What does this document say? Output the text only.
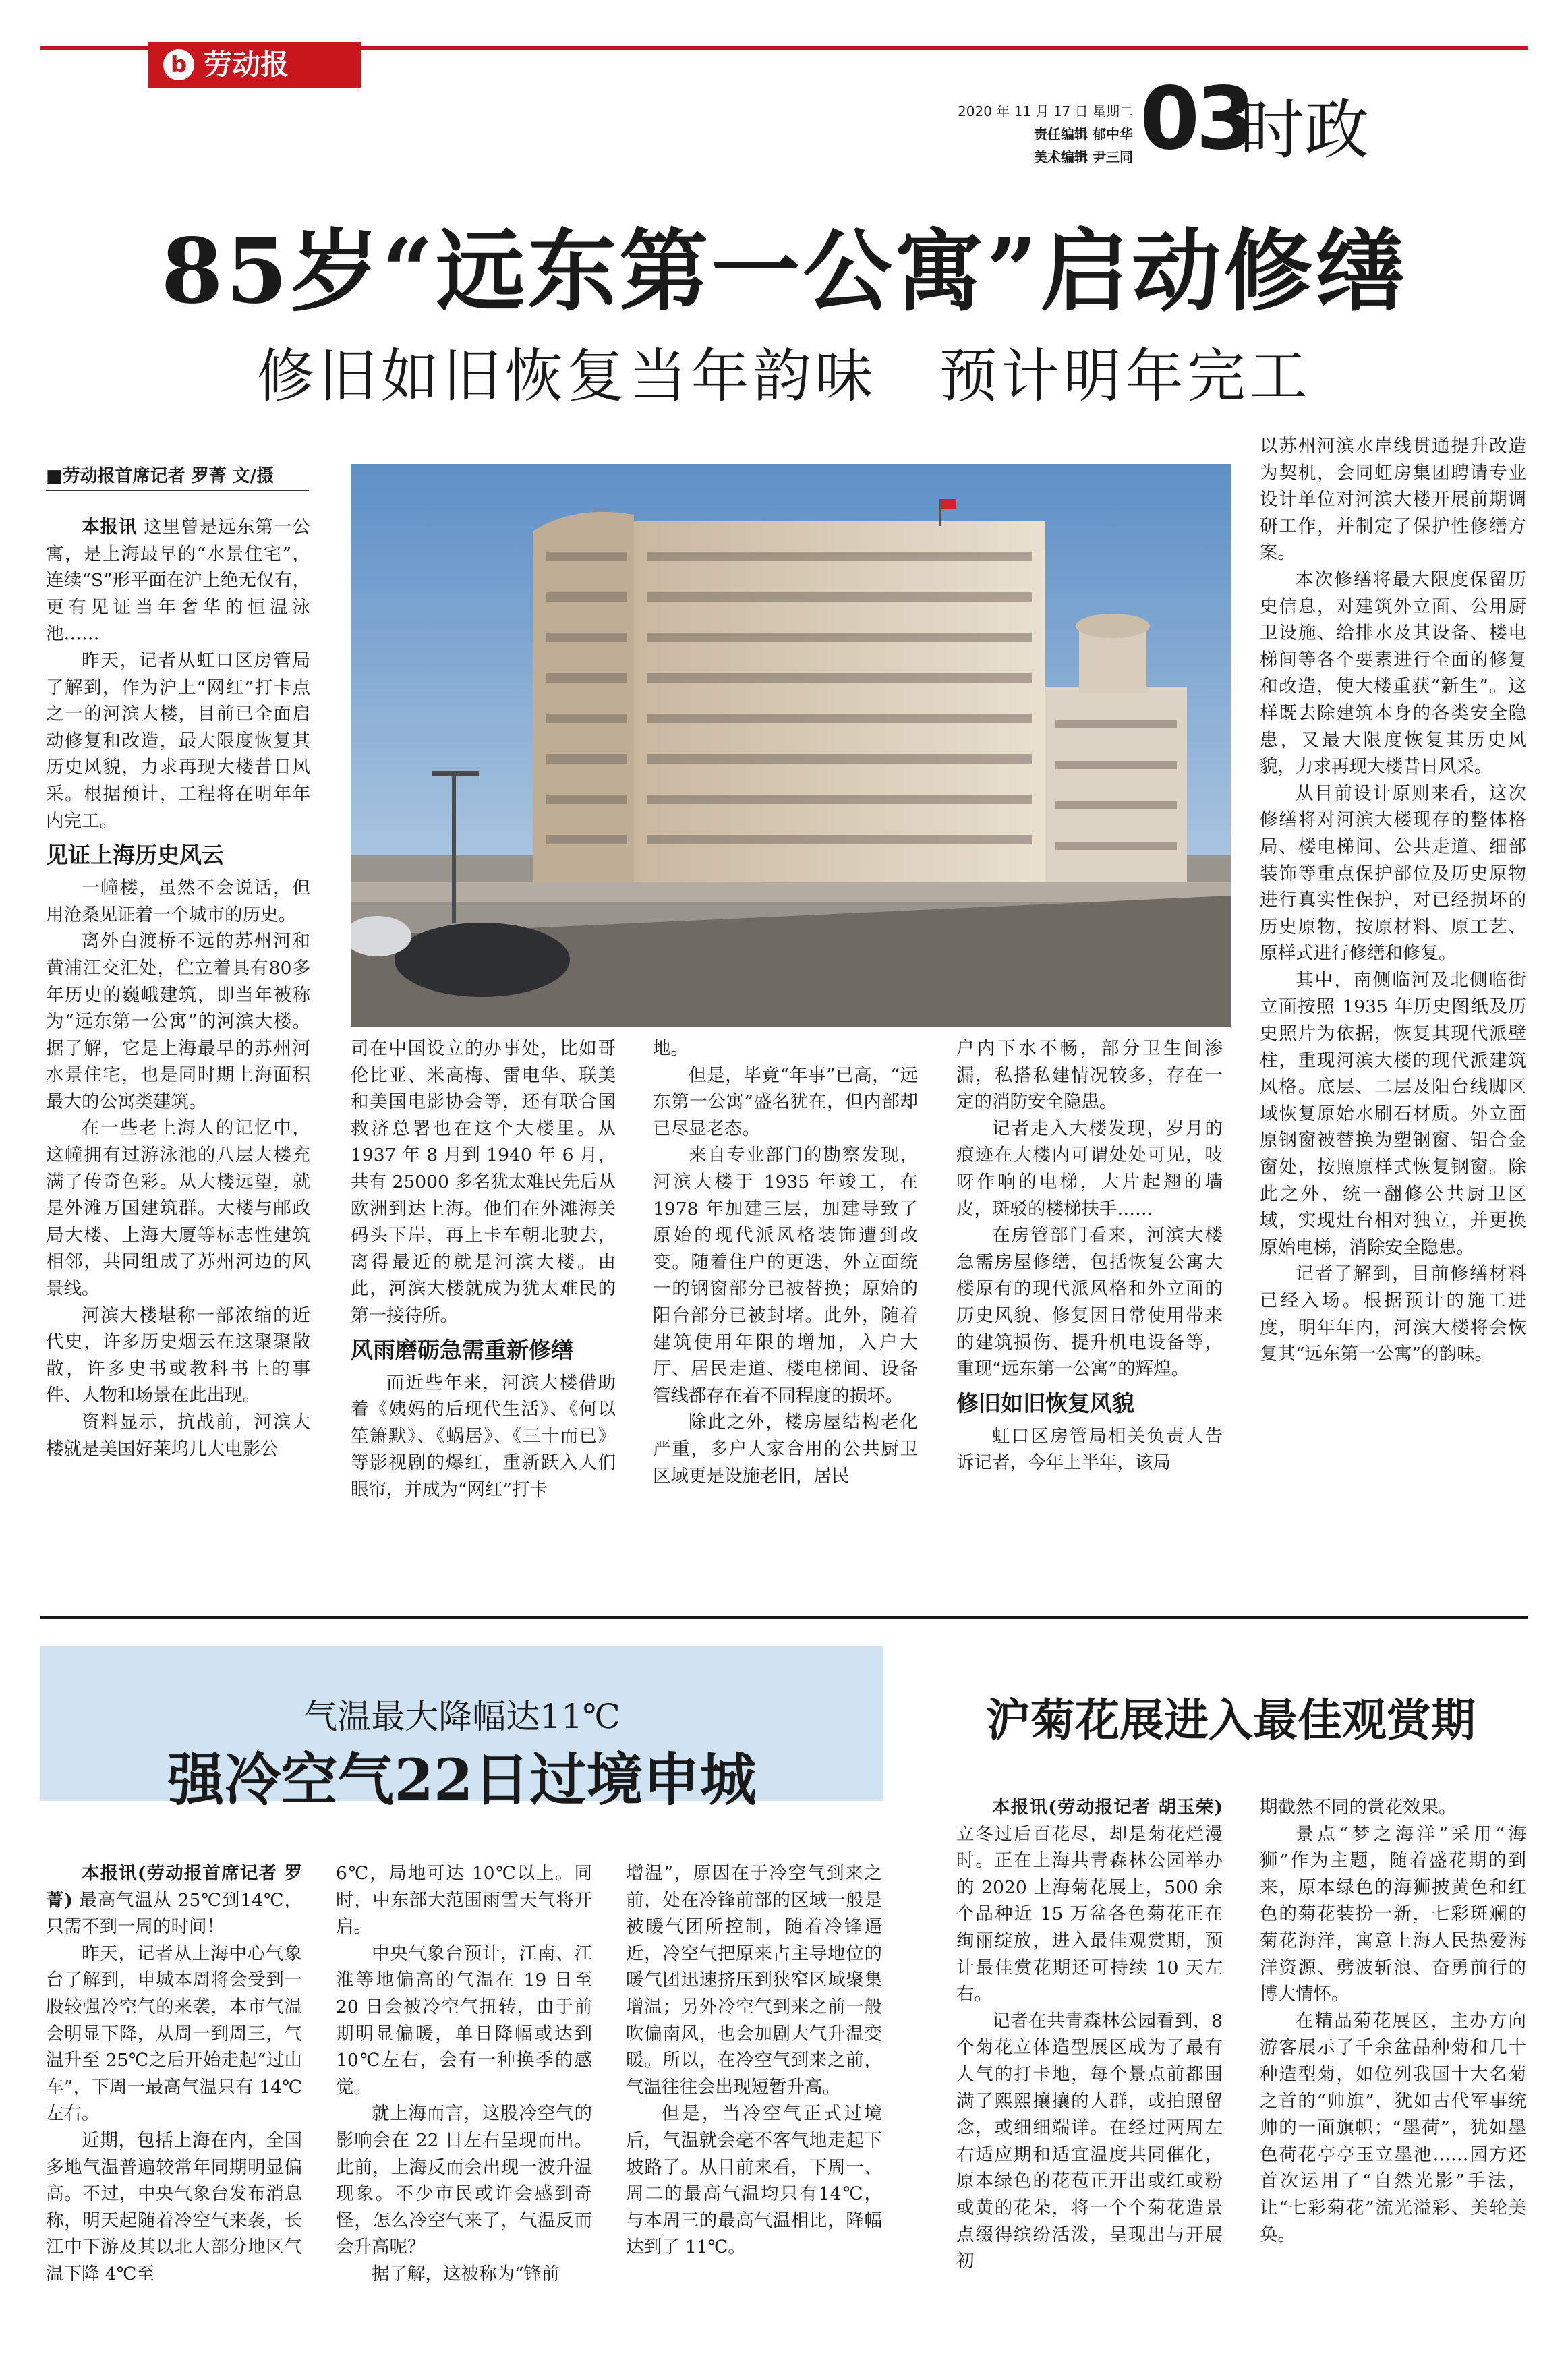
b 劳动报
2020 年 11 月 17 日 星期二
责任编辑 郁中华
美术编辑 尹三同 03
时政
85岁“远东第一公寓”启动修缮
修旧如旧恢复当年韵味　预计明年完工
■劳动报首席记者 罗菁 文/摄

本报讯 这里曾是远东第一公寓，是上海最早的“水景住宅”，连续“S”形平面在沪上绝无仅有，更有见证当年奢华的恒温泳池……

昨天，记者从虹口区房管局了解到，作为沪上“网红”打卡点之一的河滨大楼，目前已全面启动修复和改造，最大限度恢复其历史风貌，力求再现大楼昔日风采。根据预计，工程将在明年年内完工。

见证上海历史风云

一幢楼，虽然不会说话，但用沧桑见证着一个城市的历史。

离外白渡桥不远的苏州河和黄浦江交汇处，伫立着具有80多年历史的巍峨建筑，即当年被称为“远东第一公寓”的河滨大楼。据了解，它是上海最早的苏州河水景住宅，也是同时期上海面积最大的公寓类建筑。

在一些老上海人的记忆中，这幢拥有过游泳池的八层大楼充满了传奇色彩。从大楼远望，就是外滩万国建筑群。大楼与邮政局大楼、上海大厦等标志性建筑相邻，共同组成了苏州河边的风景线。

河滨大楼堪称一部浓缩的近代史，许多历史烟云在这聚聚散散，许多史书或教科书上的事件、人物和场景在此出现。

资料显示，抗战前，河滨大楼就是美国好莱坞几大电影公

司在中国设立的办事处，比如哥伦比亚、米高梅、雷电华、联美和美国电影协会等，还有联合国救济总署也在这个大楼里。从 1937 年 8 月到 1940 年 6 月，共有 25000 多名犹太难民先后从欧洲到达上海。他们在外滩海关码头下岸，再上卡车朝北驶去，离得最近的就是河滨大楼。由此，河滨大楼就成为犹太难民的第一接待所。

风雨磨砺急需重新修缮

而近些年来，河滨大楼借助着《姨妈的后现代生活》、《何以笙箫默》、《蜗居》、《三十而已》等影视剧的爆红，重新跃入人们眼帘，并成为“网红”打卡

地。

但是，毕竟“年事”已高，“远东第一公寓”盛名犹在，但内部却已尽显老态。

来自专业部门的勘察发现，河滨大楼于 1935 年竣工，在 1978 年加建三层，加建导致了原始的现代派风格装饰遭到改变。随着住户的更迭，外立面统一的钢窗部分已被替换；原始的阳台部分已被封堵。此外，随着建筑使用年限的增加，入户大厅、居民走道、楼电梯间、设备管线都存在着不同程度的损坏。

除此之外，楼房屋结构老化严重，多户人家合用的公共厨卫区域更是设施老旧，居民

户内下水不畅，部分卫生间渗漏，私搭私建情况较多，存在一定的消防安全隐患。

记者走入大楼发现，岁月的痕迹在大楼内可谓处处可见，吱呀作响的电梯，大片起翘的墙皮，斑驳的楼梯扶手……

在房管部门看来，河滨大楼急需房屋修缮，包括恢复公寓大楼原有的现代派风格和外立面的历史风貌、修复因日常使用带来的建筑损伤、提升机电设备等，重现“远东第一公寓”的辉煌。

修旧如旧恢复风貌

虹口区房管局相关负责人告诉记者，今年上半年，该局

以苏州河滨水岸线贯通提升改造为契机，会同虹房集团聘请专业设计单位对河滨大楼开展前期调研工作，并制定了保护性修缮方案。

本次修缮将最大限度保留历史信息，对建筑外立面、公用厨卫设施、给排水及其设备、楼电梯间等各个要素进行全面的修复和改造，使大楼重获“新生”。这样既去除建筑本身的各类安全隐患，又最大限度恢复其历史风貌，力求再现大楼昔日风采。

从目前设计原则来看，这次修缮将对河滨大楼现存的整体格局、楼电梯间、公共走道、细部装饰等重点保护部位及历史原物进行真实性保护，对已经损坏的历史原物，按原材料、原工艺、原样式进行修缮和修复。

其中，南侧临河及北侧临街立面按照 1935 年历史图纸及历史照片为依据，恢复其现代派壁柱，重现河滨大楼的现代派建筑风格。底层、二层及阳台线脚区域恢复原始水刷石材质。外立面原钢窗被替换为塑钢窗、铝合金窗处，按照原样式恢复钢窗。除此之外，统一翻修公共厨卫区域，实现灶台相对独立，并更换原始电梯，消除安全隐患。

记者了解到，目前修缮材料已经入场。根据预计的施工进度，明年年内，河滨大楼将会恢复其“远东第一公寓”的韵味。

气温最大降幅达11℃
强冷空气22日过境申城

本报讯(劳动报首席记者 罗菁) 最高气温从 25℃到14℃，只需不到一周的时间！

昨天，记者从上海中心气象台了解到，申城本周将会受到一股较强冷空气的来袭，本市气温会明显下降，从周一到周三，气温升至 25℃之后开始走起“过山车”，下周一最高气温只有 14℃左右。

近期，包括上海在内，全国多地气温普遍较常年同期明显偏高。不过，中央气象台发布消息称，明天起随着冷空气来袭，长江中下游及其以北大部分地区气温下降 4℃至

6℃，局地可达 10℃以上。同时，中东部大范围雨雪天气将开启。

中央气象台预计，江南、江淮等地偏高的气温在 19 日至 20 日会被冷空气扭转，由于前期明显偏暖，单日降幅或达到 10℃左右，会有一种换季的感觉。

就上海而言，这股冷空气的影响会在 22 日左右呈现而出。此前，上海反而会出现一波升温现象。不少市民或许会感到奇怪，怎么冷空气来了，气温反而会升高呢？

据了解，这被称为“锋前

增温”，原因在于冷空气到来之前，处在冷锋前部的区域一般是被暖气团所控制，随着冷锋逼近，冷空气把原来占主导地位的暖气团迅速挤压到狭窄区域聚集增温；另外冷空气到来之前一般吹偏南风，也会加剧大气升温变暖。所以，在冷空气到来之前，气温往往会出现短暂升高。

但是，当冷空气正式过境后，气温就会毫不客气地走起下坡路了。从目前来看，下周一、周二的最高气温均只有14℃，与本周三的最高气温相比，降幅达到了 11℃。

沪菊花展进入最佳观赏期

本报讯(劳动报记者 胡玉荣) 立冬过后百花尽，却是菊花烂漫时。正在上海共青森林公园举办的 2020 上海菊花展上，500 余个品种近 15 万盆各色菊花正在绚丽绽放，进入最佳观赏期，预计最佳赏花期还可持续 10 天左右。

记者在共青森林公园看到，8 个菊花立体造型展区成为了最有人气的打卡地，每个景点前都围满了熙熙攘攘的人群，或拍照留念，或细细端详。在经过两周左右适应期和适宜温度共同催化，原本绿色的花苞正开出或红或粉或黄的花朵，将一个个菊花造景点缀得缤纷活泼，呈现出与开展初

期截然不同的赏花效果。

景点“梦之海洋”采用“海狮”作为主题，随着盛花期的到来，原本绿色的海狮披黄色和红色的菊花装扮一新，七彩斑斓的菊花海洋，寓意上海人民热爱海洋资源、劈波斩浪、奋勇前行的博大情怀。

在精品菊花展区，主办方向游客展示了千余盆品种菊和几十种造型菊，如位列我国十大名菊之首的“帅旗”，犹如古代军事统帅的一面旗帜；“墨荷”，犹如墨色荷花亭亭玉立墨池……园方还首次运用了“自然光影”手法，让“七彩菊花”流光溢彩、美轮美奂。
